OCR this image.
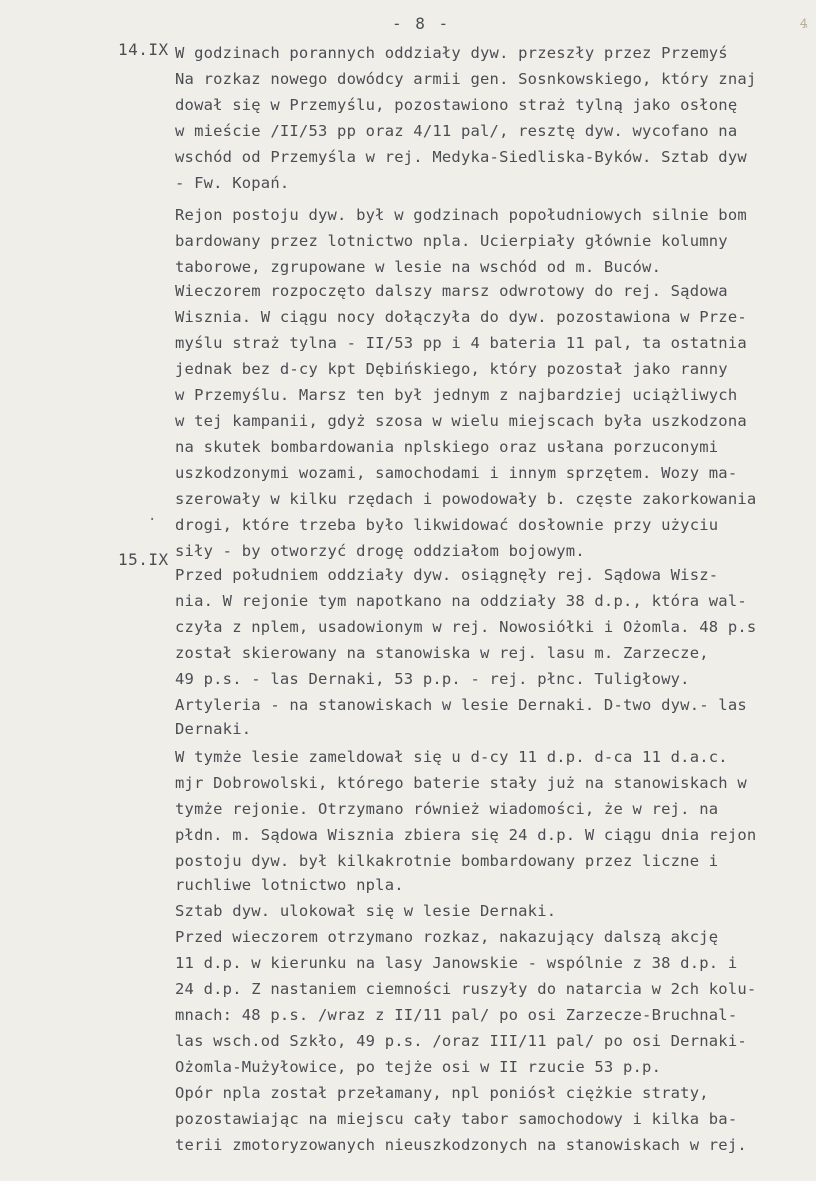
- 8 -	ꜯ
14.IX
15.IX
.
W godzinach porannych oddziały dyw. przeszły przez Przemyś
Na rozkaz nowego dowódcy armii gen. Sosnkowskiego, który znaj
dował się w Przemyślu, pozostawiono straż tylną jako osłonę
w mieście /II/53 pp oraz 4/11 pal/, resztę dyw. wycofano na
wschód od Przemyśla w rej. Medyka-Siedliska-Byków. Sztab dyw
- Fw. Kopań.
Rejon postoju dyw. był w godzinach popołudniowych silnie bom
bardowany przez lotnictwo npla. Ucierpiały głównie kolumny
taborowe, zgrupowane w lesie na wschód od m. Buców.
Wieczorem rozpoczęto dalszy marsz odwrotowy do rej. Sądowa
Wisznia. W ciągu nocy dołączyła do dyw. pozostawiona w Prze-
myślu straż tylna - II/53 pp i 4 bateria 11 pal, ta ostatnia
jednak bez d-cy kpt Dębińskiego, który pozostał jako ranny
w Przemyślu. Marsz ten był jednym z najbardziej uciążliwych
w tej kampanii, gdyż szosa w wielu miejscach była uszkodzona
na skutek bombardowania nplskiego oraz usłana porzuconymi
uszkodzonymi wozami, samochodami i innym sprzętem. Wozy ma-
szerowały w kilku rzędach i powodowały b. częste zakorkowania
drogi, które trzeba było likwidować dosłownie przy użyciu
siły - by otworzyć drogę oddziałom bojowym.
Przed południem oddziały dyw. osiągnęły rej. Sądowa Wisz-
nia. W rejonie tym napotkano na oddziały 38 d.p., która wal-
czyła z nplem, usadowionym w rej. Nowosiółki i Ożomla. 48 p.s
został skierowany na stanowiska w rej. lasu m. Zarzecze,
49 p.s. - las Dernaki, 53 p.p. - rej. płnc. Tuligłowy.
Artyleria - na stanowiskach w lesie Dernaki. D-two dyw.- las
Dernaki.
W tymże lesie zameldował się u d-cy 11 d.p. d-ca 11 d.a.c.
mjr Dobrowolski, którego baterie stały już na stanowiskach w
tymże rejonie. Otrzymano również wiadomości, że w rej. na
płdn. m. Sądowa Wisznia zbiera się 24 d.p. W ciągu dnia rejon
postoju dyw. był kilkakrotnie bombardowany przez liczne i
ruchliwe lotnictwo npla.
Sztab dyw. ulokował się w lesie Dernaki.
Przed wieczorem otrzymano rozkaz, nakazujący dalszą akcję
11 d.p. w kierunku na lasy Janowskie - wspólnie z 38 d.p. i
24 d.p. Z nastaniem ciemności ruszyły do natarcia w 2ch kolu-
mnach: 48 p.s. /wraz z II/11 pal/ po osi Zarzecze-Bruchnal-
las wsch.od Szkło, 49 p.s. /oraz III/11 pal/ po osi Dernaki-
Ożomla-Mużyłowice, po tejże osi w II rzucie 53 p.p.
Opór npla został przełamany, npl poniósł ciężkie straty,
pozostawiając na miejscu cały tabor samochodowy i kilka ba-
terii zmotoryzowanych nieuszkodzonych na stanowiskach w rej.
